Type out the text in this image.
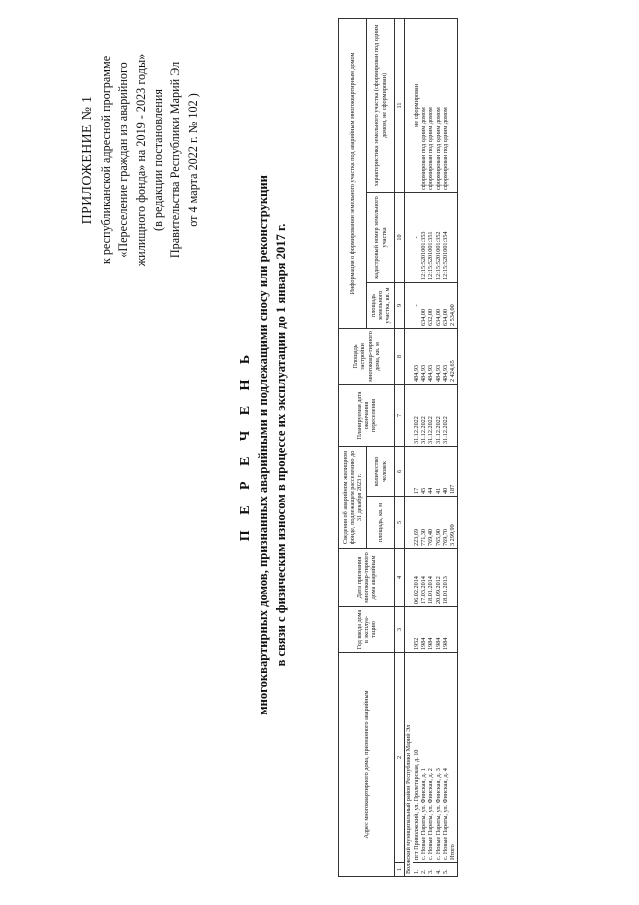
ПРИЛОЖЕНИЕ № 1 к республиканской адресной программе «Переселение граждан из аварийного жилищного фонда» на 2019 - 2023 годы» (в редакции постановления Правительства Республики Марий Эл от 4 марта 2022 г. № 102 )
П Е Р Е Ч Е Н Ь многоквартирных домов, признанных аварийными и подлежащими сносу или реконструкции в связи с физическим износом в процессе их эксплуатации до 1 января 2017 г.
Адрес многоквартирного дома, признанного аварийным		Год ввода дома в эксплуа-тацию	Дата признания многоквар-тирного дома аварийным	Сведения об аварийном жилищном фонде, подлежащем расселению до 31 декабря 2023 г.		Планируемая дата окончания переселения	Площадь застройки многоквар-тирного дома, кв. м	Информация о формировании земельного участка под аварийным многоквартирным домом		
				площадь, кв. м	количество человек			площадь земельного участка, кв. м	кадастровый номер земельного участка	характеристика земельного участка (сформирован под одним домом, не сформирован)
1	2	3	4	5	6	7	8	9	10	11
Волжский муниципальный район Республики Марий Эл										
1.	пгт Приволжский, ул. Пролетарская, д. 10	1952	06.02.2014	223,69	17	31.12.2022	484,93	-	-	не сформирован
2.	с. Новые Параты, ул. Финская, д. 1	1984	17.03.2014	771,30	45	31.12.2022	484,93	634,00	12:15:5201001:353	сформирован под одним домом
3.	с. Новые Параты, ул. Финская, д. 2	1984	18.01.2014	769,40	44	31.12.2022	484,93	632,00	12:15:5201001:351	сформирован под одним домом
4.	с. Новые Параты, ул. Финская, д. 3	1984	20.09.2012	765,90	41	31.12.2022	484,93	634,00	12:15:5201001:352	сформирован под одним домом
5.	с. Новые Параты, ул. Финская, д. 4	1984	18.01.2013	769,70	40	31.12.2022	484,93	634,00	12:15:5201001:354	сформирован под одним домом
	Итого			3 299,99	187		2 424,65	2 534,00		
